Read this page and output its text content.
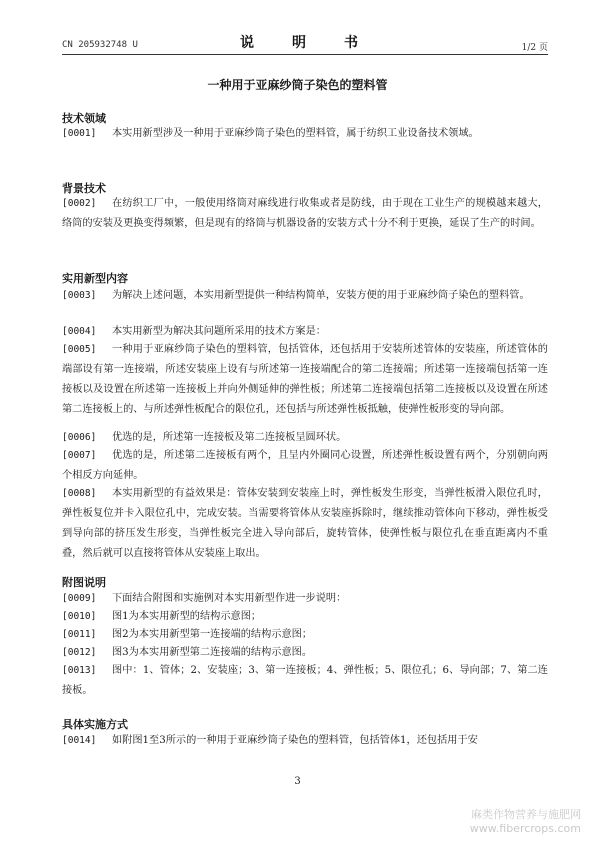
CN 205932748 U	说　明　书	1/2 页
一种用于亚麻纱筒子染色的塑料管
技术领域
[0001]	本实用新型涉及一种用于亚麻纱筒子染色的塑料管，属于纺织工业设备技术领域。
背景技术
[0002]	在纺织工厂中，一般使用络筒对麻线进行收集或者是防线，由于现在工业生产的规模越来越大，络筒的安装及更换变得频繁，但是现有的络筒与机器设备的安装方式十分不利于更换，延误了生产的时间。
实用新型内容
[0003]	为解决上述问题，本实用新型提供一种结构简单，安装方便的用于亚麻纱筒子染色的塑料管。
[0004]	本实用新型为解决其问题所采用的技术方案是：
[0005]	一种用于亚麻纱筒子染色的塑料管，包括管体，还包括用于安装所述管体的安装座，所述管体的端部设有第一连接端，所述安装座上设有与所述第一连接端配合的第二连接端；所述第一连接端包括第一连接板以及设置在所述第一连接板上并向外侧延伸的弹性板；所述第二连接端包括第二连接板以及设置在所述第二连接板上的、与所述弹性板配合的限位孔，还包括与所述弹性板抵触，使弹性板形变的导向部。
[0006]	优选的是，所述第一连接板及第二连接板呈圆环状。
[0007]	优选的是，所述第二连接板有两个，且呈内外圈同心设置，所述弹性板设置有两个，分别朝向两个相反方向延伸。
[0008]	本实用新型的有益效果是：管体安装到安装座上时，弹性板发生形变，当弹性板滑入限位孔时，弹性板复位并卡入限位孔中，完成安装。当需要将管体从安装座拆除时，继续推动管体向下移动，弹性板受到导向部的挤压发生形变，当弹性板完全进入导向部后，旋转管体，使弹性板与限位孔在垂直距离内不重叠，然后就可以直接将管体从安装座上取出。
附图说明
[0009]	下面结合附图和实施例对本实用新型作进一步说明：
[0010]	图1为本实用新型的结构示意图；
[0011]	图2为本实用新型第一连接端的结构示意图；
[0012]	图3为本实用新型第二连接端的结构示意图。
[0013]	图中：1、管体；2、安装座；3、第一连接板；4、弹性板；5、限位孔；6、导向部；7、第二连接板。
具体实施方式
[0014]	如附图1至3所示的一种用于亚麻纱筒子染色的塑料管，包括管体1，还包括用于安
3
麻类作物营养与施肥网
www.fibercrops.com
